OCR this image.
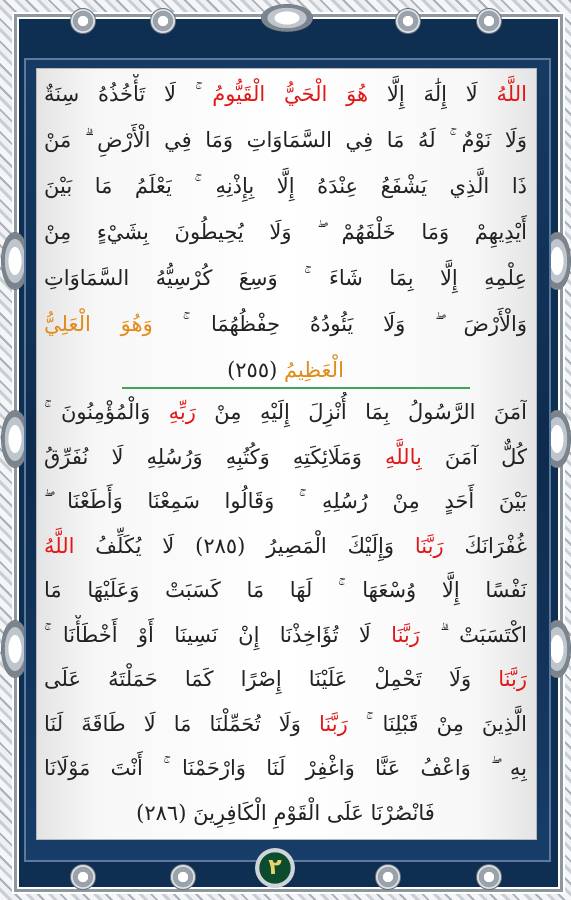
اللَّهُ لَا إِلَٰهَ إِلَّا هُوَ الْحَيُّ الْقَيُّومُ ۚ لَا تَأْخُذُهُ سِنَةٌ
وَلَا نَوْمٌ ۚ لَهُ مَا فِي السَّمَاوَاتِ وَمَا فِي الْأَرْضِ ۗ مَنْ
ذَا الَّذِي يَشْفَعُ عِنْدَهُ إِلَّا بِإِذْنِهِ ۚ يَعْلَمُ مَا بَيْنَ
أَيْدِيهِمْ وَمَا خَلْفَهُمْ ۖ وَلَا يُحِيطُونَ بِشَيْءٍ مِنْ
عِلْمِهِ إِلَّا بِمَا شَاءَ ۚ وَسِعَ كُرْسِيُّهُ السَّمَاوَاتِ
وَالْأَرْضَ ۖ وَلَا يَئُودُهُ حِفْظُهُمَا ۚ وَهُوَ الْعَلِيُّ
الْعَظِيمُ (٢٥٥)
آمَنَ الرَّسُولُ بِمَا أُنْزِلَ إِلَيْهِ مِنْ رَبِّهِ وَالْمُؤْمِنُونَ ۚ
كُلٌّ آمَنَ بِاللَّهِ وَمَلَائِكَتِهِ وَكُتُبِهِ وَرُسُلِهِ لَا نُفَرِّقُ
بَيْنَ أَحَدٍ مِنْ رُسُلِهِ ۚ وَقَالُوا سَمِعْنَا وَأَطَعْنَا ۖ
غُفْرَانَكَ رَبَّنَا وَإِلَيْكَ الْمَصِيرُ (٢٨٥) لَا يُكَلِّفُ اللَّهُ
نَفْسًا إِلَّا وُسْعَهَا ۚ لَهَا مَا كَسَبَتْ وَعَلَيْهَا مَا
اكْتَسَبَتْ ۗ رَبَّنَا لَا تُؤَاخِذْنَا إِنْ نَسِينَا أَوْ أَخْطَأْنَا ۚ
رَبَّنَا وَلَا تَحْمِلْ عَلَيْنَا إِصْرًا كَمَا حَمَلْتَهُ عَلَى
الَّذِينَ مِنْ قَبْلِنَا ۚ رَبَّنَا وَلَا تُحَمِّلْنَا مَا لَا طَاقَةَ لَنَا
بِهِ ۖ وَاعْفُ عَنَّا وَاغْفِرْ لَنَا وَارْحَمْنَا ۚ أَنْتَ مَوْلَانَا
فَانْصُرْنَا عَلَى الْقَوْمِ الْكَافِرِينَ (٢٨٦)
٢
